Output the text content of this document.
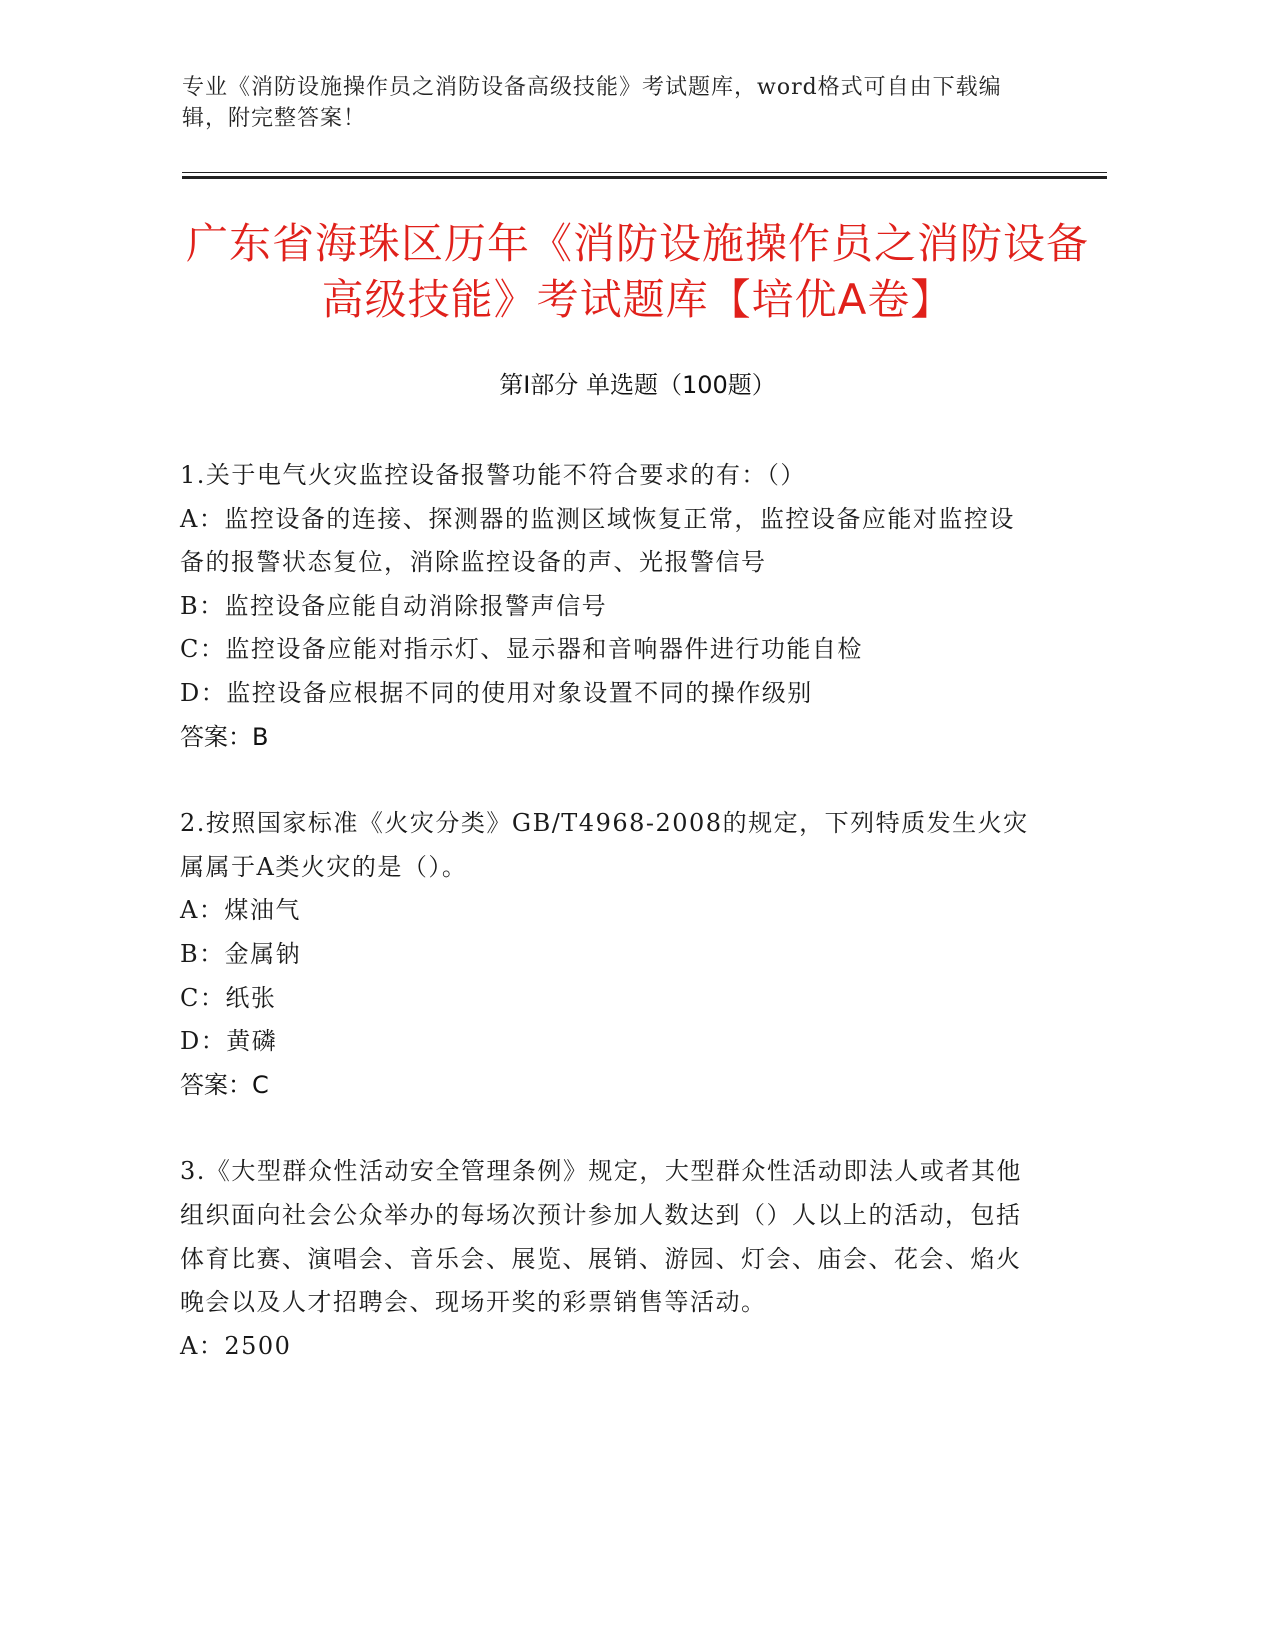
专业《消防设施操作员之消防设备高级技能》考试题库，word格式可自由下载编辑，附完整答案！
广东省海珠区历年《消防设施操作员之消防设备高级技能》考试题库【培优A卷】
第I部分 单选题（100题）

1.关于电气火灾监控设备报警功能不符合要求的有：（）

A：监控设备的连接、探测器的监测区域恢复正常，监控设备应能对监控设备的报警状态复位，消除监控设备的声、光报警信号

B：监控设备应能自动消除报警声信号

C：监控设备应能对指示灯、显示器和音响器件进行功能自检

D：监控设备应根据不同的使用对象设置不同的操作级别

答案：B

2.按照国家标准《火灾分类》GB/T4968-2008的规定，下列特质发生火灾属属于A类火灾的是（）。

A：煤油气

B：金属钠

C：纸张

D：黄磷

答案：C

3.《大型群众性活动安全管理条例》规定，大型群众性活动即法人或者其他组织面向社会公众举办的每场次预计参加人数达到（）人以上的活动，包括体育比赛、演唱会、音乐会、展览、展销、游园、灯会、庙会、花会、焰火晚会以及人才招聘会、现场开奖的彩票销售等活动。

A：2500
